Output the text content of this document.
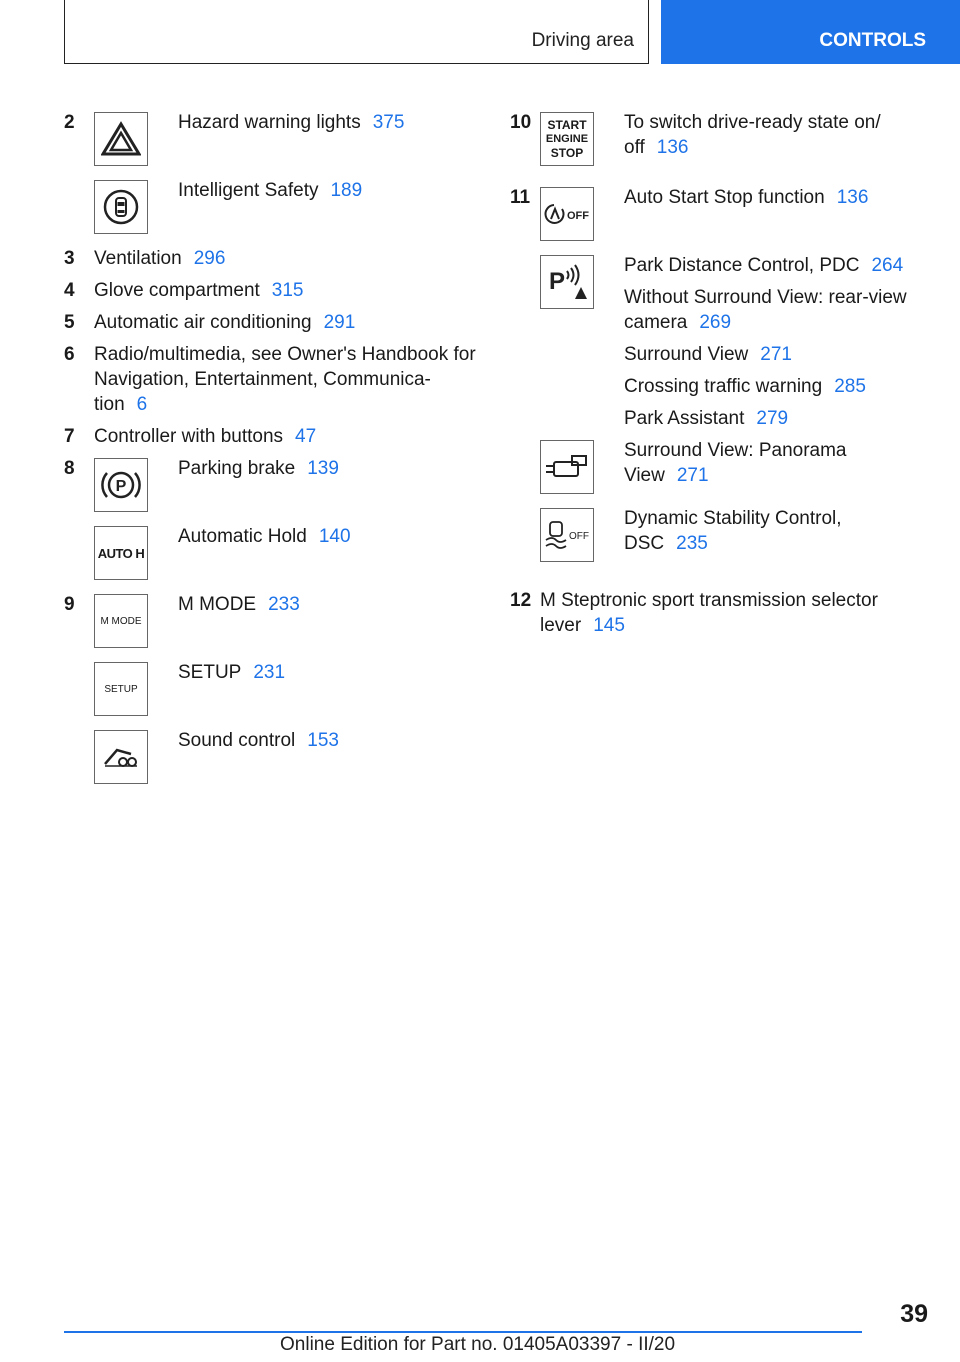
Driving area	CONTROLS
2	Hazard warning lights 375
Intelligent Safety 189
3 Ventilation 296
4 Glove compartment 315
5 Automatic air conditioning 291
6 Radio/multimedia, see Owner's Handbook for
Navigation, Entertainment, Communica-
tion 6
7 Controller with buttons 47
8
P
Parking brake 139
AUTO H
Automatic Hold 140
9
M MODE
M MODE 233
SETUP
SETUP 231
Sound control 153
10 START
ENGINE
STOP
To switch drive-ready state on/
off 136
11
OFF
Auto Start Stop function 136
P
Park Distance Control, PDC 264
Without Surround View: rear-view
camera 269
Surround View 271
Crossing traffic warning 285
Park Assistant 279
Surround View: Panorama
View 271
OFF
Dynamic Stability Control,
DSC 235
12 M Steptronic sport transmission selector
lever 145
39
Online Edition for Part no. 01405A03397 - II/20
